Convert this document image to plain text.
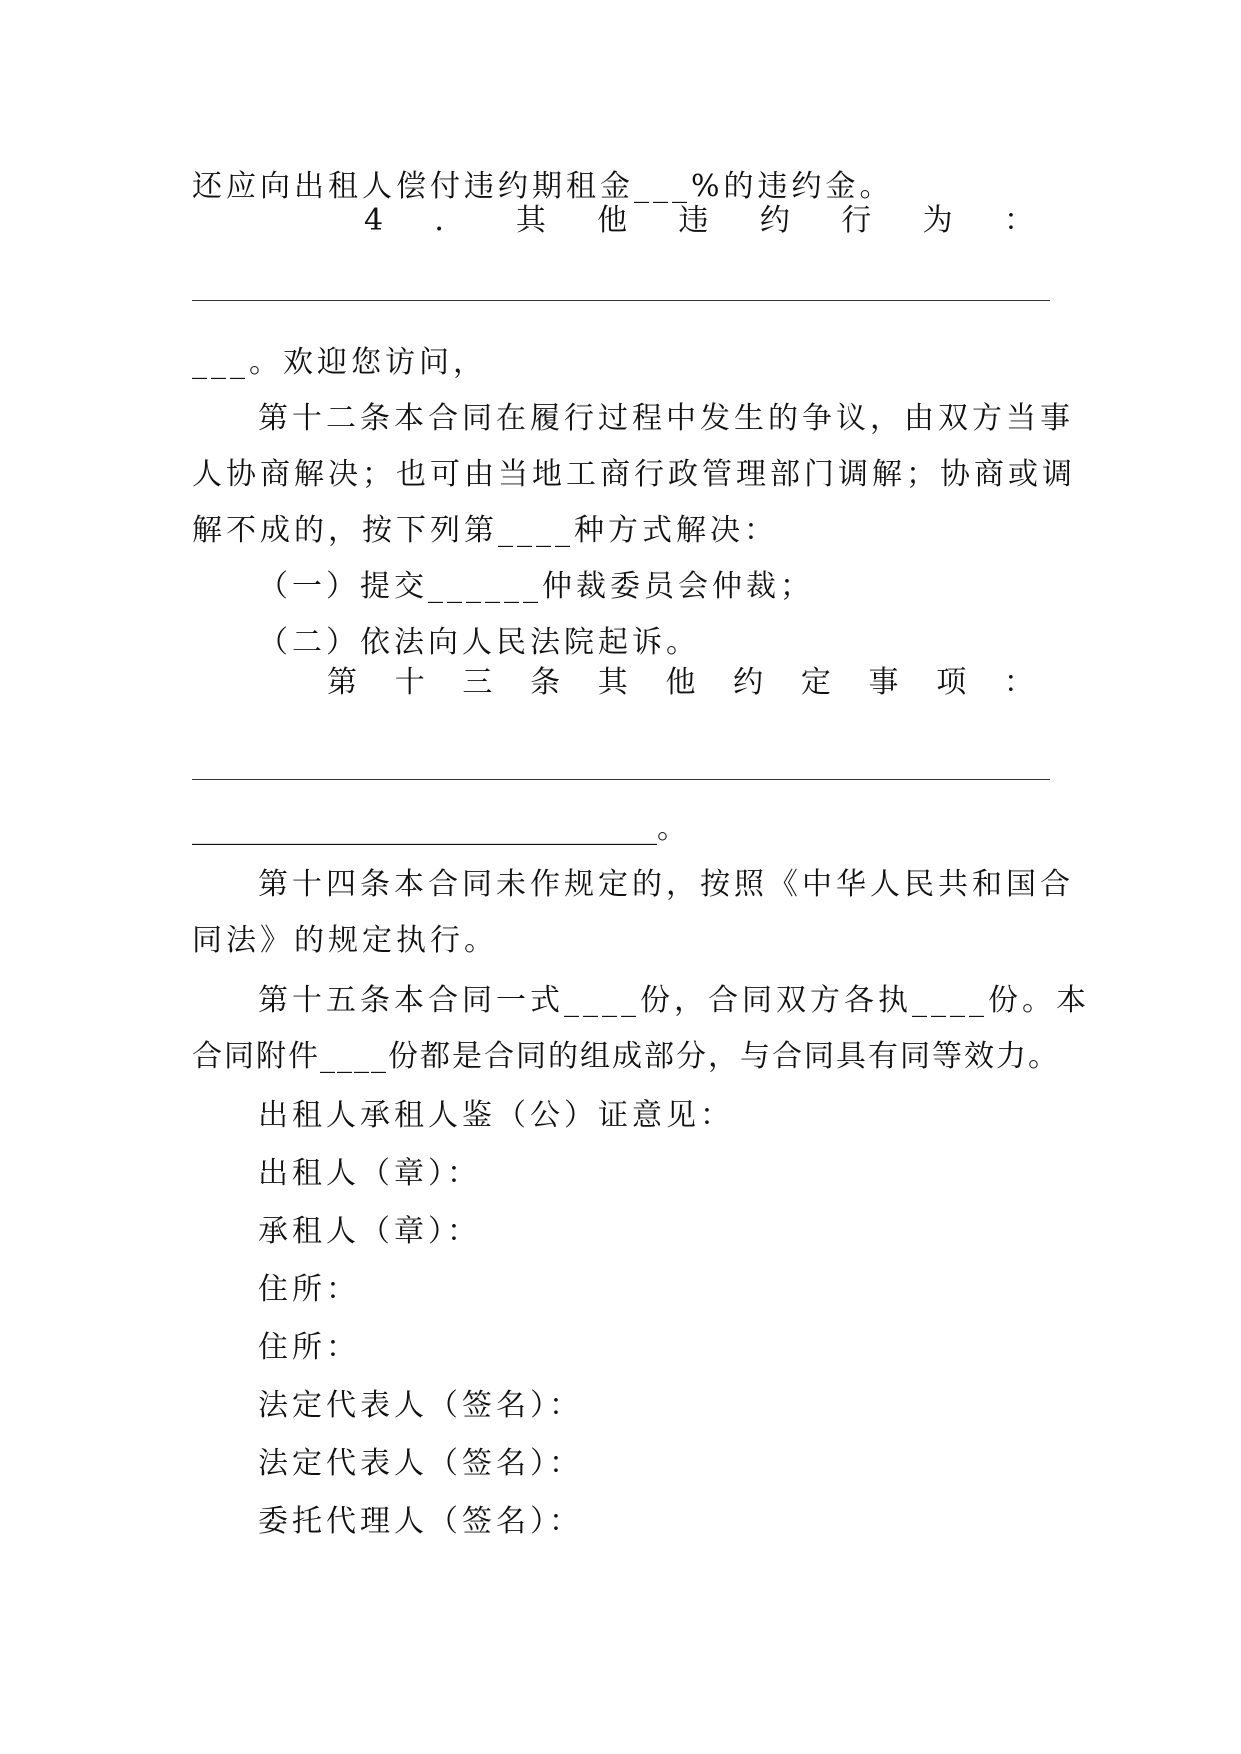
还应向出租人偿付违约期租金___%的违约金。
4 ． 其 他 违 约 行 为 ：
___。欢迎您访问，
第十二条本合同在履行过程中发生的争议，由双方当事
人协商解决；也可由当地工商行政管理部门调解；协商或调
解不成的，按下列第____种方式解决：
（一）提交______仲裁委员会仲裁；
（二）依法向人民法院起诉。
第 十 三 条 其 他 约 定 事 项 ：
_______________________________。
第十四条本合同未作规定的，按照《中华人民共和国合
同法》的规定执行。
第十五条本合同一式____份，合同双方各执____份。本
合同附件____份都是合同的组成部分，与合同具有同等效力。
出租人承租人鉴（公）证意见：
出租人（章）：
承租人（章）：
住所：
住所：
法定代表人（签名）：
法定代表人（签名）：
委托代理人（签名）：
